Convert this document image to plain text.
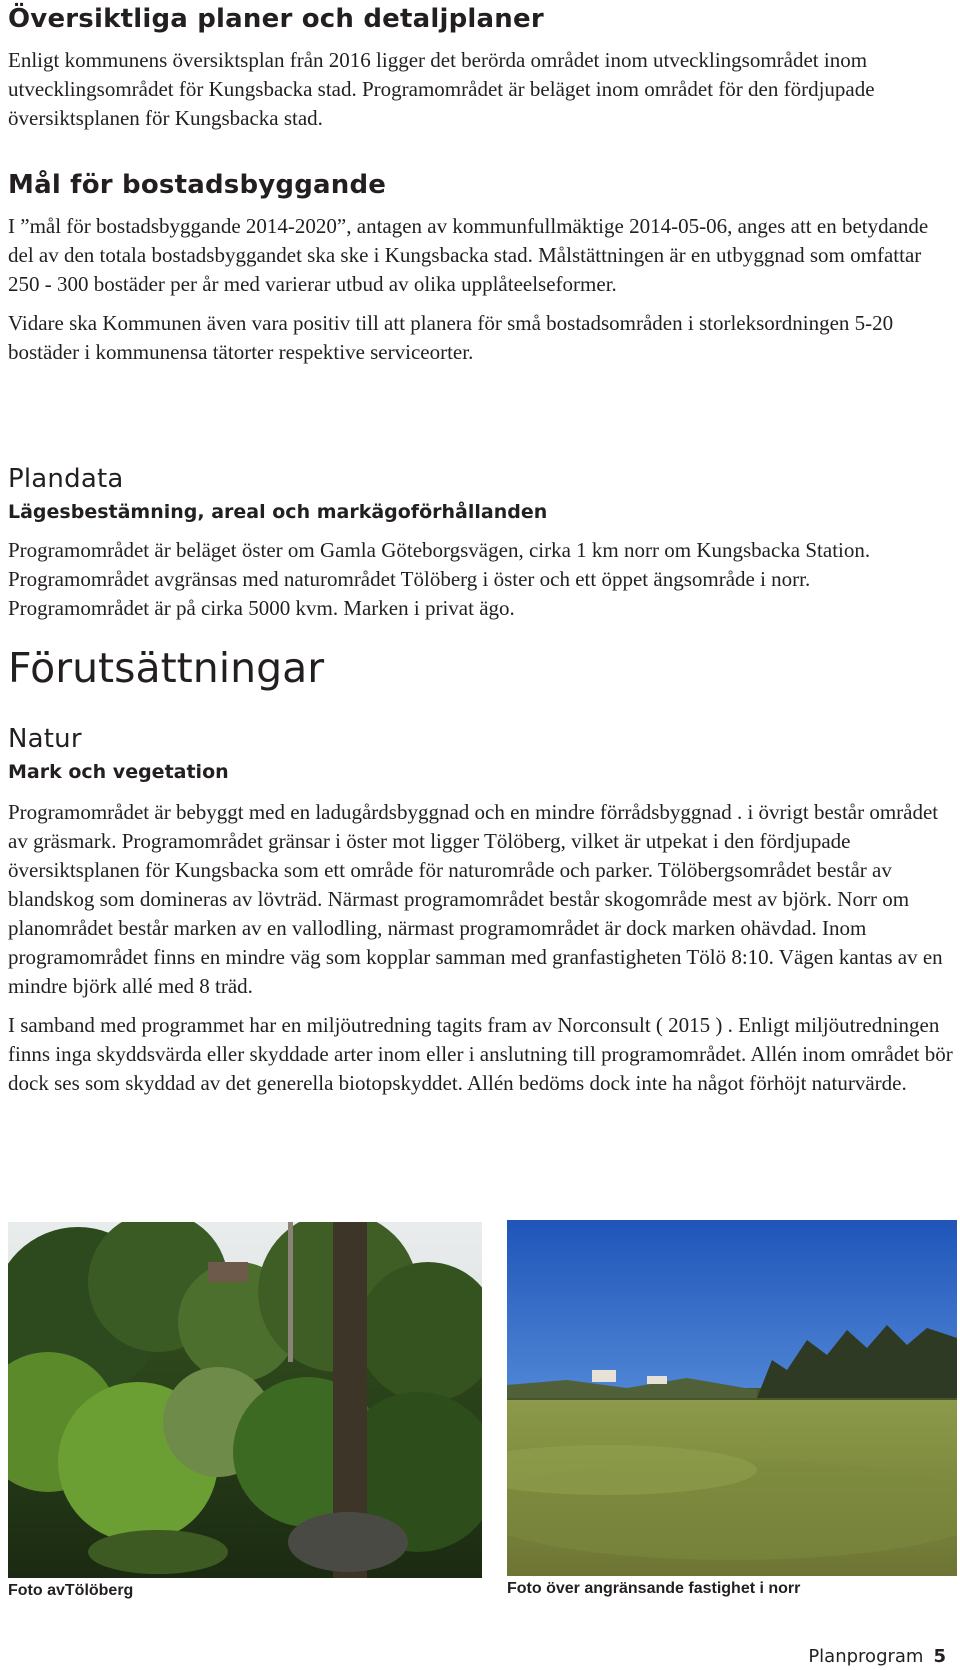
Översiktliga planer och detaljplaner

Enligt kommunens översiktsplan från 2016 ligger det berörda området inom utvecklingsområdet inom utvecklingsområdet för Kungsbacka stad. Programområdet är beläget inom området för den fördjupade översiktsplanen för Kungsbacka stad.

Mål för bostadsbyggande

I ”mål för bostadsbyggande 2014-2020”, antagen av kommunfullmäktige 2014-05-06, anges att en betydande del av den totala bostadsbyggandet ska ske i Kungsbacka stad. Målstättningen är en utbyggnad som omfattar 250 - 300 bostäder per år med varierar utbud av olika upplåteelseformer.

Vidare ska Kommunen även vara positiv till att planera för små bostadsområden i storleksordningen 5-20 bostäder i kommunensa tätorter respektive serviceorter.

Plandata
Lägesbestämning, areal och markägoförhållanden

Programområdet är beläget öster om Gamla Göteborgsvägen, cirka 1 km norr om Kungsbacka Station. Programområdet avgränsas med naturområdet Tölöberg i öster och ett öppet ängsområde i norr. Programområdet är på cirka 5000 kvm. Marken i privat ägo.

Förutsättningar
Natur
Mark och vegetation

Programområdet är bebyggt med en ladugårdsbyggnad och en mindre förrådsbyggnad . i övrigt består området av gräsmark. Programområdet gränsar i öster mot ligger Tölöberg, vilket är utpekat i den fördjupade översiktsplanen för Kungsbacka som ett område för naturområde och parker. Tölöbergsområdet består av blandskog som domineras av lövträd. Närmast programområdet består skogområde mest av björk. Norr om planområdet består marken av en vallodling, närmast programområdet är dock marken ohävdad. Inom programområdet finns en mindre väg som kopplar samman med granfastigheten Tölö 8:10. Vägen kantas av en mindre björk allé med 8 träd.

I samband med programmet har en miljöutredning tagits fram av Norconsult ( 2015 ) . Enligt miljöutredningen finns inga skyddsvärda eller skyddade arter inom eller i anslutning till programområdet. Allén inom området bör dock ses som skyddad av det generella biotopskyddet. Allén bedöms dock inte ha något förhöjt naturvärde.

Foto avTölöberg	Foto över angränsande fastighet i norr
Planprogram 5
